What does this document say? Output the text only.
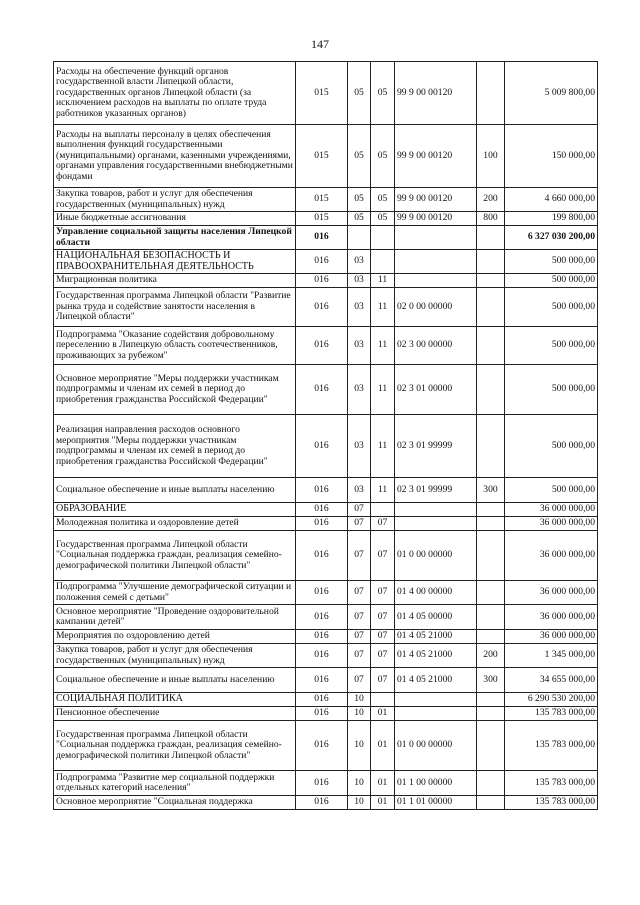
147
Расходы на обеспечение функций органов государственной власти Липецкой области, государственных органов Липецкой области (за исключением расходов на выплаты по оплате труда работников указанных органов)	015	05	05	99 9 00 00120		5 009 800,00
Расходы на выплаты персоналу в целях обеспечения выполнения функций государственными (муниципальными) органами, казенными учреждениями, органами управления государственными внебюджетными фондами	015	05	05	99 9 00 00120	100	150 000,00
Закупка товаров, работ и услуг для обеспечения государственных (муниципальных) нужд	015	05	05	99 9 00 00120	200	4 660 000,00
Иные бюджетные ассигнования	015	05	05	99 9 00 00120	800	199 800,00
Управление социальной защиты населения Липецкой области	016					6 327 030 200,00
НАЦИОНАЛЬНАЯ БЕЗОПАСНОСТЬ И ПРАВООХРАНИТЕЛЬНАЯ ДЕЯТЕЛЬНОСТЬ	016	03				500 000,00
Миграционная политика	016	03	11			500 000,00
Государственная программа Липецкой области "Развитие рынка труда и содействие занятости населения в Липецкой области"	016	03	11	02 0 00 00000		500 000,00
Подпрограмма "Оказание содействия добровольному переселению в Липецкую область соотечественников, проживающих за рубежом"	016	03	11	02 3 00 00000		500 000,00
Основное мероприятие "Меры поддержки участникам подпрограммы и членам их семей в период до приобретения гражданства Российской Федерации"	016	03	11	02 3 01 00000		500 000,00
Реализация направления расходов основного мероприятия "Меры поддержки участникам подпрограммы и членам их семей в период до приобретения гражданства Российской Федерации"	016	03	11	02 3 01 99999		500 000,00
Социальное обеспечение и иные выплаты населению	016	03	11	02 3 01 99999	300	500 000,00
ОБРАЗОВАНИЕ	016	07				36 000 000,00
Молодежная политика и оздоровление детей	016	07	07			36 000 000,00
Государственная программа Липецкой области "Социальная поддержка граждан, реализация семейно-демографической политики Липецкой области"	016	07	07	01 0 00 00000		36 000 000,00
Подпрограмма "Улучшение демографической ситуации и положения семей с детьми"	016	07	07	01 4 00 00000		36 000 000,00
Основное мероприятие "Проведение оздоровительной кампании детей"	016	07	07	01 4 05 00000		36 000 000,00
Мероприятия по оздоровлению детей	016	07	07	01 4 05 21000		36 000 000,00
Закупка товаров, работ и услуг для обеспечения государственных (муниципальных) нужд	016	07	07	01 4 05 21000	200	1 345 000,00
Социальное обеспечение и иные выплаты населению	016	07	07	01 4 05 21000	300	34 655 000,00
СОЦИАЛЬНАЯ ПОЛИТИКА	016	10				6 290 530 200,00
Пенсионное обеспечение	016	10	01			135 783 000,00
Государственная программа Липецкой области "Социальная поддержка граждан, реализация семейно-демографической политики Липецкой области"	016	10	01	01 0 00 00000		135 783 000,00
Подпрограмма "Развитие мер социальной поддержки отдельных категорий населения"	016	10	01	01 1 00 00000		135 783 000,00
Основное мероприятие "Социальная поддержка	016	10	01	01 1 01 00000		135 783 000,00
